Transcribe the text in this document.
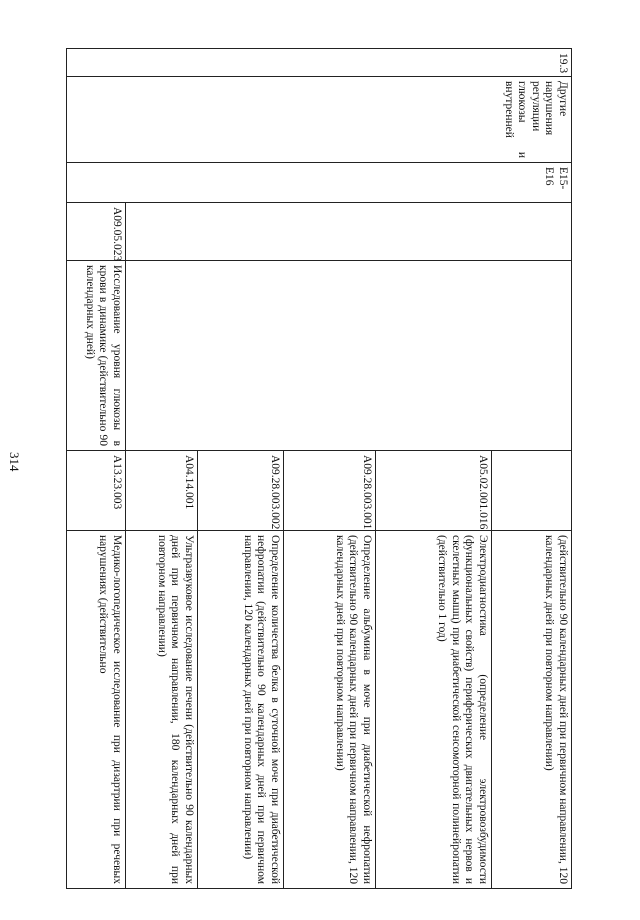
314
19.3	Другие нарушения регуляции глюкозы и внутренней	E15-E16				(действительно 90 календарных дней при первичном направлении, 120 календарных дней при повторном направлении)
					A05.02.001.016	Электродиагностика (определение электровозбудимости (функциональных свойств) периферических двигательных нервов и скелетных мышц) при диабетической сенсомоторной полинейропатии (действительно 1 год)
					A09.28.003.001	Определение альбумина в моче при диабетической нефропатии (действительно 90 календарных дней при первичном направлении, 120 календарных дней при повторном направлении)
					A09.28.003.002	Определение количества белка в суточной моче при диабетической нефропатии (действительно 90 календарных дней при первичном направлении, 120 календарных дней при повторном направлении)
					A04.14.001	Ультразвуковое исследование печени (действительно 90 календарных дней при первичном направлении, 180 календарных дней при повторном направлении)
			A09.05.023	Исследование уровня глюкозы в крови в динамике (действительно 90 календарных дней)	A13.23.003	Медико-логопедическое исследование при дизартрии при речевых нарушениях (действительно
